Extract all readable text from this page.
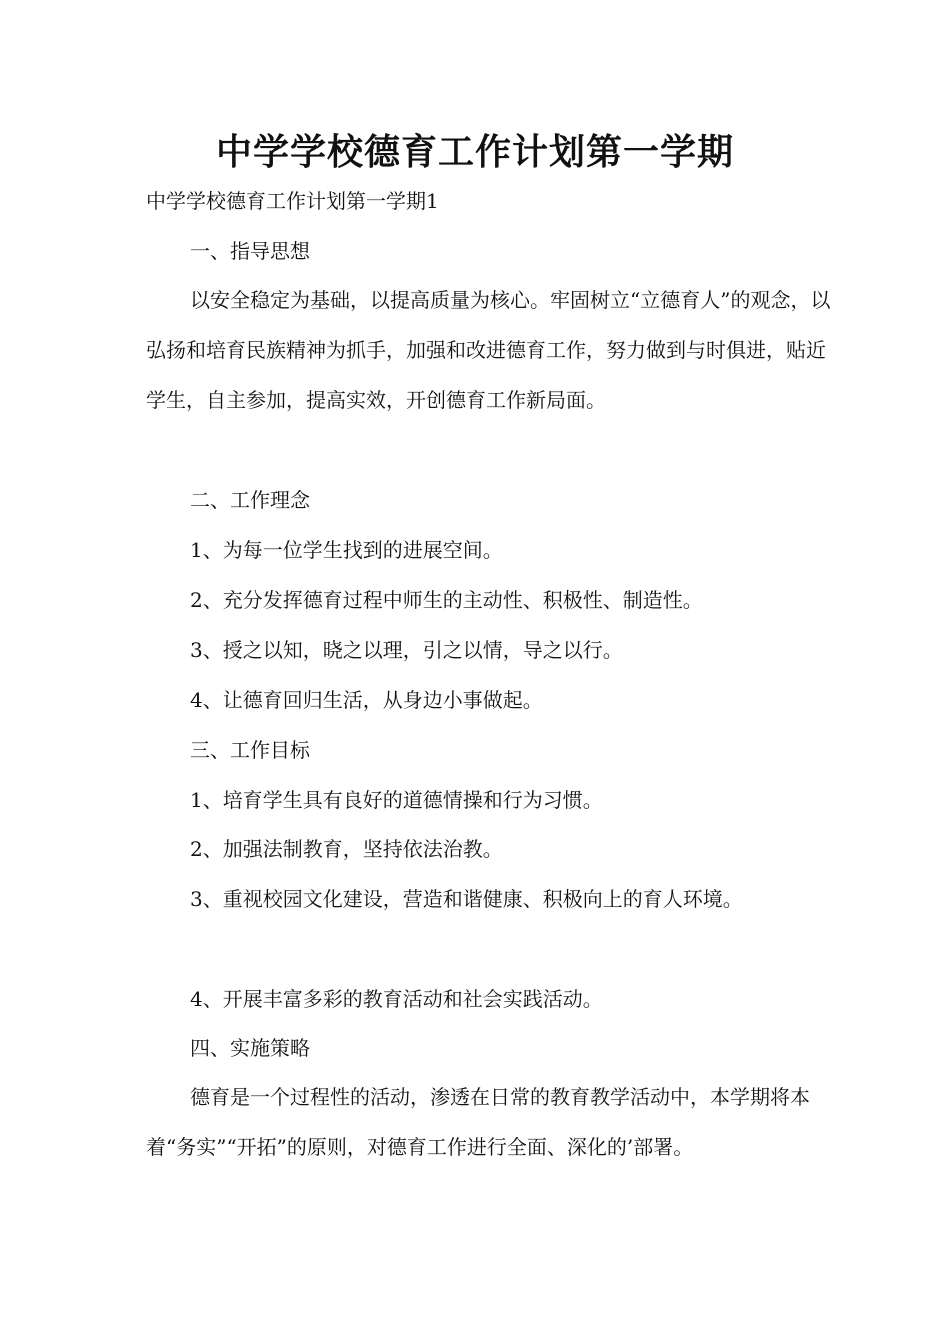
中学学校德育工作计划第一学期

中学学校德育工作计划第一学期1

一、指导思想

以安全稳定为基础，以提高质量为核心。牢固树立“立德育人”的观念，以弘扬和培育民族精神为抓手，加强和改进德育工作，努力做到与时俱进，贴近学生，自主参加，提高实效，开创德育工作新局面。

二、工作理念

1、为每一位学生找到的进展空间。

2、充分发挥德育过程中师生的主动性、积极性、制造性。

3、授之以知，晓之以理，引之以情，导之以行。

4、让德育回归生活，从身边小事做起。

三、工作目标

1、培育学生具有良好的道德情操和行为习惯。

2、加强法制教育，坚持依法治教。

3、重视校园文化建设，营造和谐健康、积极向上的育人环境。

4、开展丰富多彩的教育活动和社会实践活动。

四、实施策略

德育是一个过程性的活动，渗透在日常的教育教学活动中，本学期将本着“务实”“开拓”的原则，对德育工作进行全面、深化的’部署。
